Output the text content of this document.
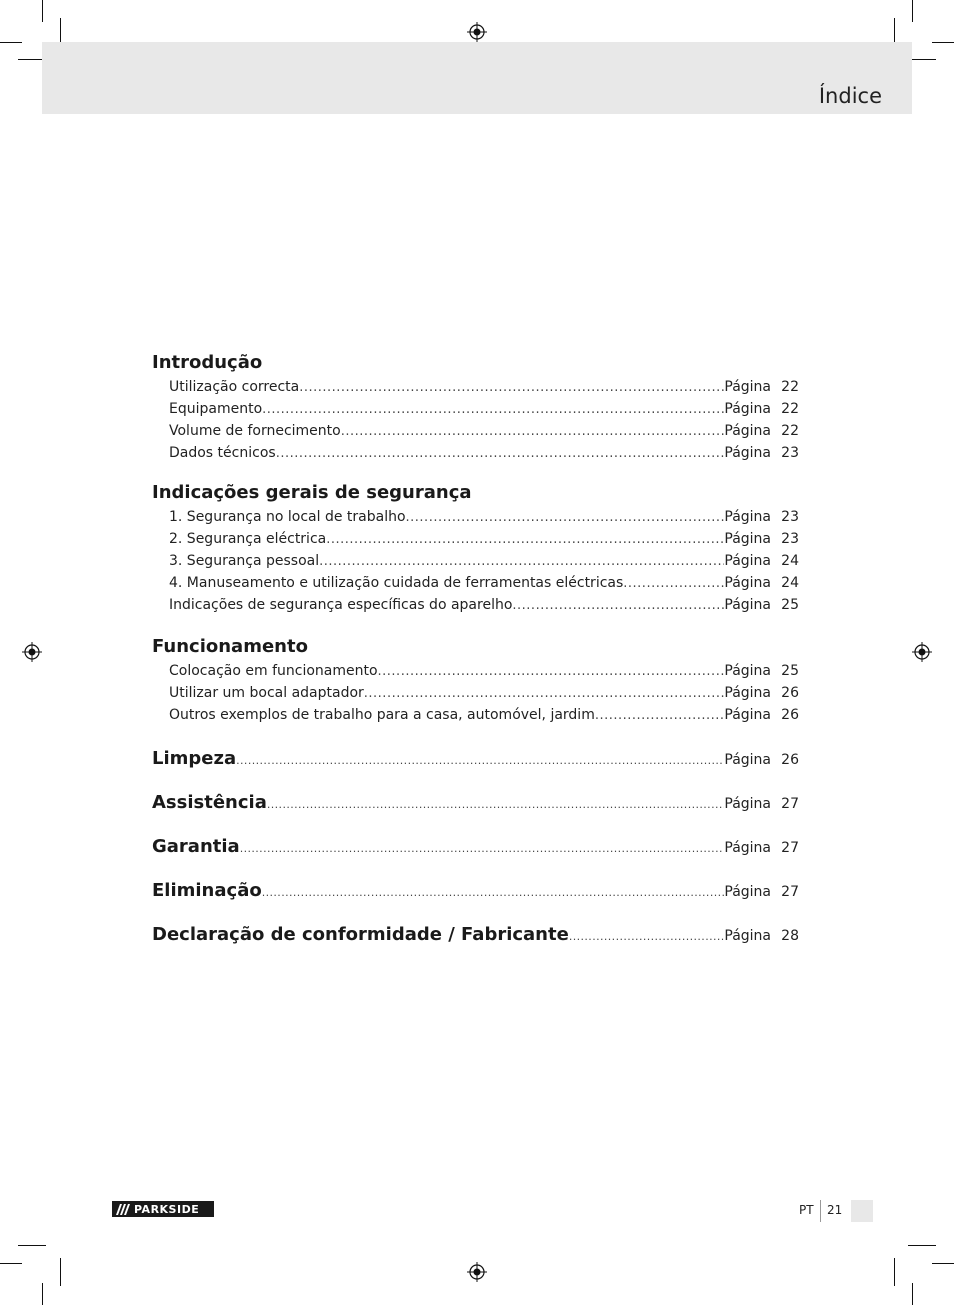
Índice
Introdução
Utilização correcta .....	Página 22
Equipamento .....	Página 22
Volume de fornecimento .....	Página 22
Dados técnicos .....	Página 23
Indicações gerais de segurança
1. Segurança no local de trabalho .....	Página 23
2. Segurança eléctrica .....	Página 23
3. Segurança pessoal .....	Página 24
4. Manuseamento e utilização cuidada de ferramentas eléctricas .....	Página 24
Indicações de segurança específicas do aparelho .....	Página 25
Funcionamento
Colocação em funcionamento .....	Página 25
Utilizar um bocal adaptador .....	Página 26
Outros exemplos de trabalho para a casa, automóvel, jardim .....	Página 26
Limpeza .....	Página 26
Assistência .....	Página 27
Garantia .....	Página 27
Eliminação .....	Página 27
Declaração de conformidade / Fabricante .....	Página 28
PARKSIDE	PT 21
